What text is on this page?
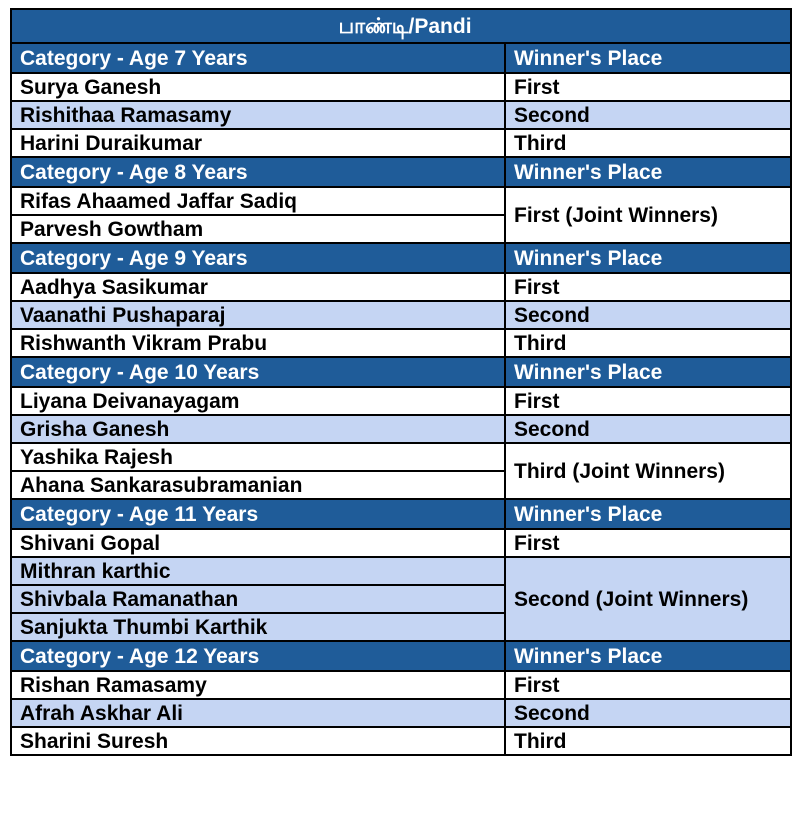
பாண்டி/Pandi	
Category - Age 7 Years	Winner's Place
Surya Ganesh	First
Rishithaa Ramasamy	Second
Harini Duraikumar	Third
Category - Age 8 Years	Winner's Place
Rifas Ahaamed Jaffar Sadiq	First (Joint Winners)
Parvesh Gowtham	
Category - Age 9 Years	Winner's Place
Aadhya Sasikumar	First
Vaanathi Pushaparaj	Second
Rishwanth Vikram Prabu	Third
Category - Age 10 Years	Winner's Place
Liyana Deivanayagam	First
Grisha Ganesh	Second
Yashika Rajesh	Third (Joint Winners)
Ahana Sankarasubramanian	
Category - Age 11 Years	Winner's Place
Shivani Gopal	First
Mithran karthic	Second (Joint Winners)
Shivbala Ramanathan	
Sanjukta Thumbi Karthik	
Category - Age 12 Years	Winner's Place
Rishan Ramasamy	First
Afrah Askhar Ali	Second
Sharini Suresh	Third
